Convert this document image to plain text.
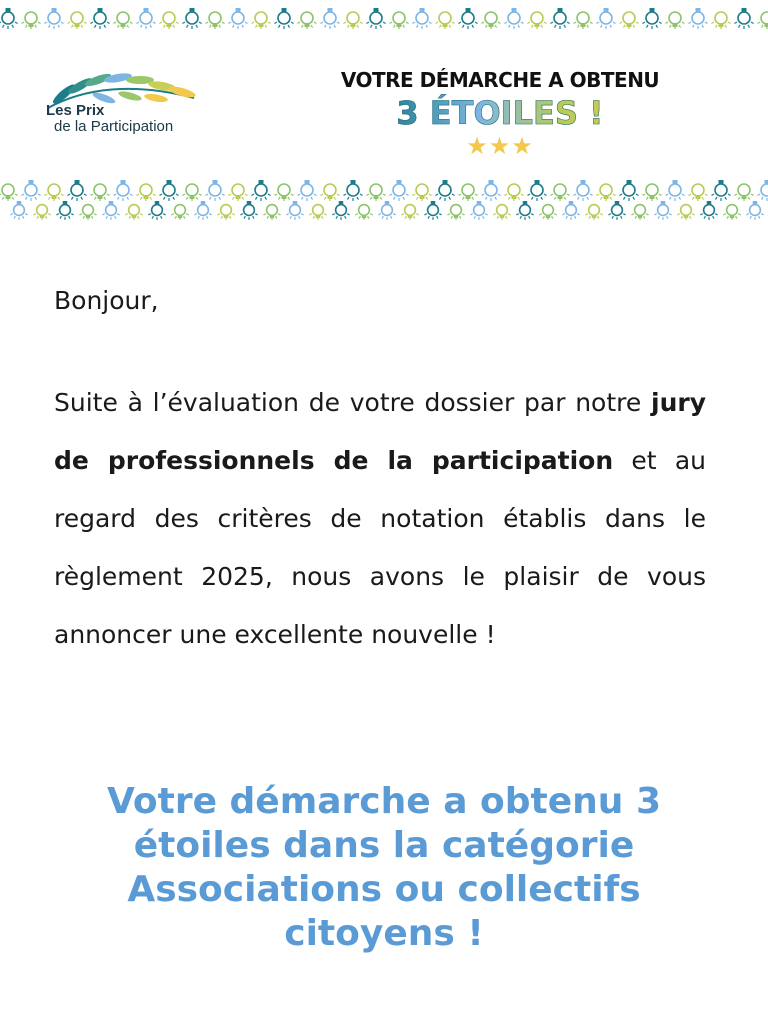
Les Prix
de la Participation
VOTRE DÉMARCHE A OBTENU
3 ÉTOILES !
★★★

Bonjour,

Suite à l’évaluation de votre dossier par notre jury de professionnels de la participation et au regard des critères de notation établis dans le règlement 2025, nous avons le plaisir de vous annoncer une excellente nouvelle !

Votre démarche a obtenu 3 étoiles dans la catégorie Associations ou collectifs citoyens !
